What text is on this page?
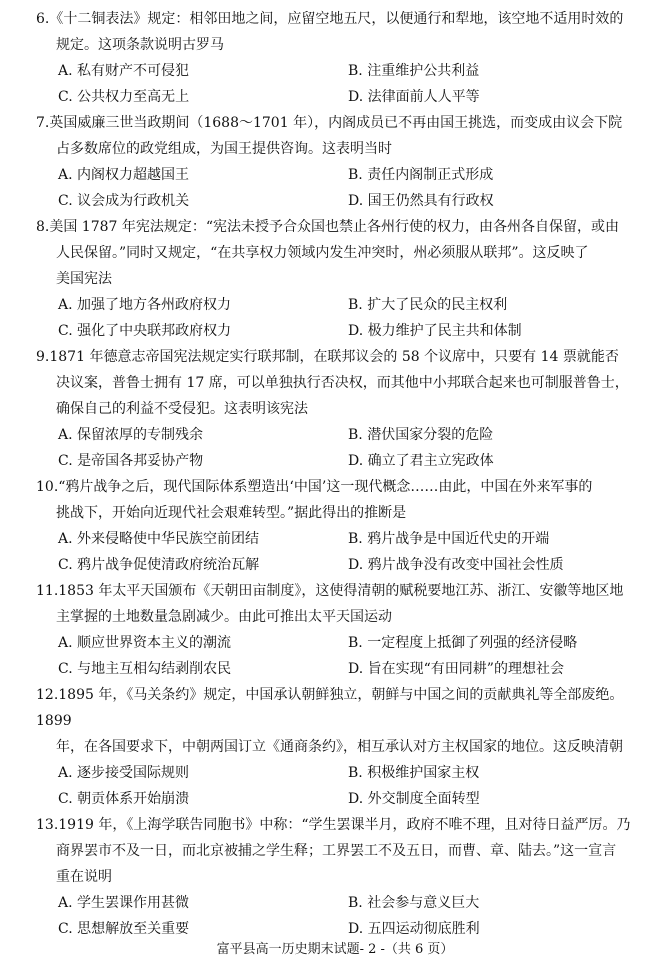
6.《十二铜表法》规定：相邻田地之间，应留空地五尺，以便通行和犁地，该空地不适用时效的
规定。这项条款说明古罗马
A. 私有财产不可侵犯	B. 注重维护公共利益
C. 公共权力至高无上	D. 法律面前人人平等
7.英国威廉三世当政期间（1688～1701 年），内阁成员已不再由国王挑选，而变成由议会下院
占多数席位的政党组成，为国王提供咨询。这表明当时
A. 内阁权力超越国王	B. 责任内阁制正式形成
C. 议会成为行政机关	D. 国王仍然具有行政权
8.美国 1787 年宪法规定：“宪法未授予合众国也禁止各州行使的权力，由各州各自保留，或由
人民保留。”同时又规定，“在共享权力领域内发生冲突时，州必须服从联邦”。这反映了
美国宪法
A. 加强了地方各州政府权力	B. 扩大了民众的民主权利
C. 强化了中央联邦政府权力	D. 极力维护了民主共和体制
9.1871 年德意志帝国宪法规定实行联邦制，在联邦议会的 58 个议席中，只要有 14 票就能否
决议案，普鲁士拥有 17 席，可以单独执行否决权，而其他中小邦联合起来也可制服普鲁士，
确保自己的利益不受侵犯。这表明该宪法
A. 保留浓厚的专制残余	B. 潜伏国家分裂的危险
C. 是帝国各邦妥协产物	D. 确立了君主立宪政体
10.“鸦片战争之后，现代国际体系塑造出‘中国’这一现代概念……由此，中国在外来军事的
挑战下，开始向近现代社会艰难转型。”据此得出的推断是
A. 外来侵略使中华民族空前团结	B. 鸦片战争是中国近代史的开端
C. 鸦片战争促使清政府统治瓦解	D. 鸦片战争没有改变中国社会性质
11.1853 年太平天国颁布《天朝田亩制度》，这使得清朝的赋税要地江苏、浙江、安徽等地区地
主掌握的土地数量急剧减少。由此可推出太平天国运动
A. 顺应世界资本主义的潮流	B. 一定程度上抵御了列强的经济侵略
C. 与地主互相勾结剥削农民	D. 旨在实现“有田同耕”的理想社会
12.1895 年，《马关条约》规定，中国承认朝鲜独立，朝鲜与中国之间的贡献典礼等全部废绝。1899
年，在各国要求下，中朝两国订立《通商条约》，相互承认对方主权国家的地位。这反映清朝
A. 逐步接受国际规则	B. 积极维护国家主权
C. 朝贡体系开始崩溃	D. 外交制度全面转型
13.1919 年，《上海学联告同胞书》中称：“学生罢课半月，政府不唯不理，且对待日益严厉。乃
商界罢市不及一日，而北京被捕之学生释；工界罢工不及五日，而曹、章、陆去。”这一宣言
重在说明
A. 学生罢课作用甚微	B. 社会参与意义巨大
C. 思想解放至关重要	D. 五四运动彻底胜利
富平县高一历史期末试题- 2 -（共 6 页）
